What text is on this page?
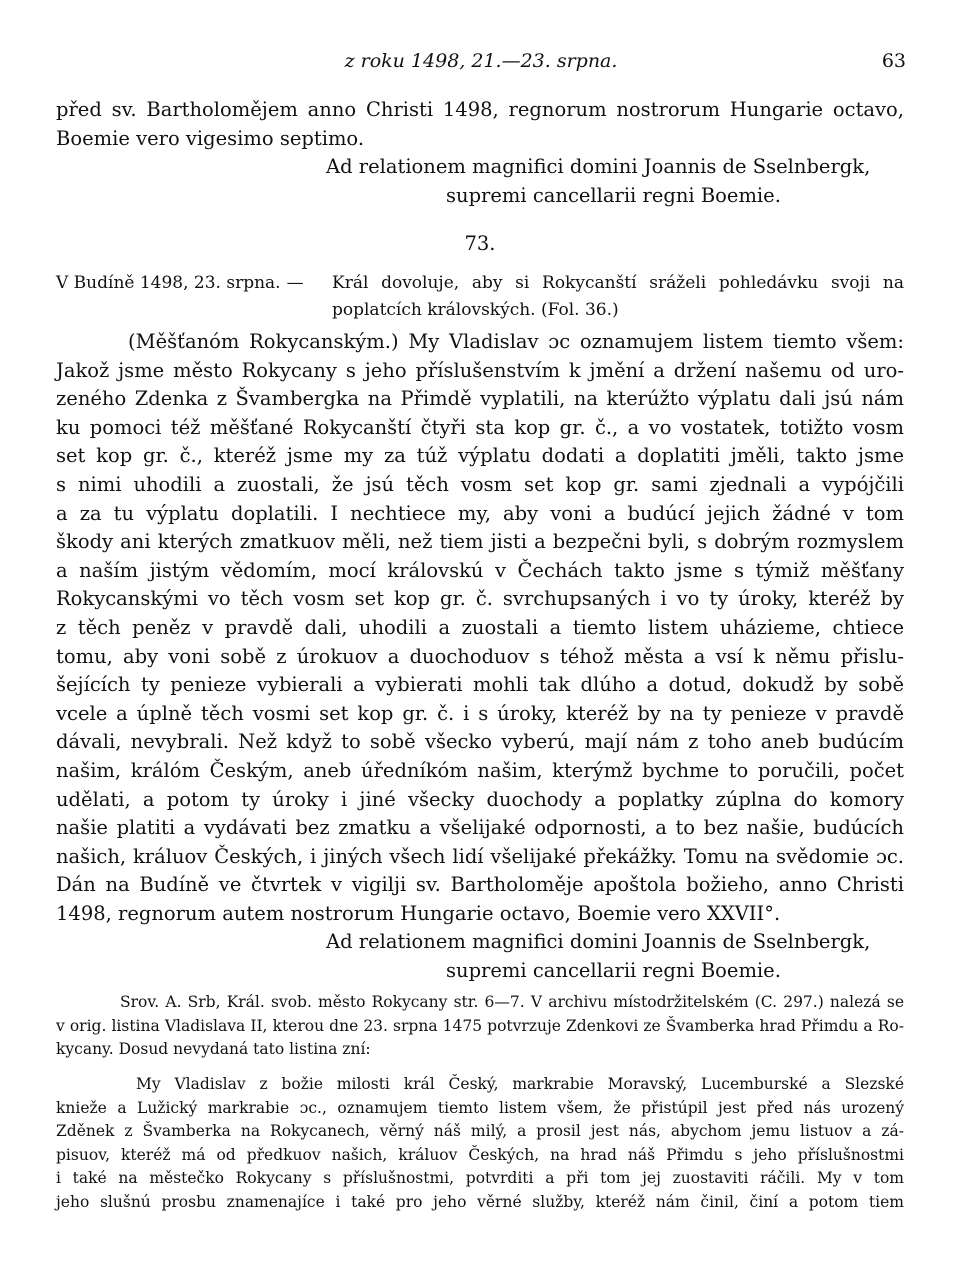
z roku 1498, 21.—23. srpna.	63
před sv. Bartholomějem anno Christi 1498, regnorum nostrorum Hungarie octavo,
Boemie vero vigesimo septimo.
Ad relationem magnifici domini Joannis de Sselnbergk,
supremi cancellarii regni Boemie.
73.
V Budíně 1498, 23. srpna. —	Král dovoluje, aby si Rokycanští sráželi pohledávku svoji na poplatcích královských. (Fol. 36.)
(Měšťanóm Rokycanským.) My Vladislav ɔc oznamujem listem tiemto všem:
Jakož jsme město Rokycany s jeho příslušenstvím k jmění a držení našemu od uro-
zeného Zdenka z Švambergka na Přimdě vyplatili, na kterúžto výplatu dali jsú nám
ku pomoci též měšťané Rokycanští čtyři sta kop gr. č., a vo vostatek, totižto vosm
set kop gr. č., kteréž jsme my za túž výplatu dodati a doplatiti jměli, takto jsme
s nimi uhodili a zuostali, že jsú těch vosm set kop gr. sami zjednali a vypójčili
a za tu výplatu doplatili. I nechtiece my, aby voni a budúcí jejich žádné v tom
škody ani kterých zmatkuov měli, než tiem jisti a bezpečni byli, s dobrým rozmyslem
a naším jistým vědomím, mocí královskú v Čechách takto jsme s týmiž měšťany
Rokycanskými vo těch vosm set kop gr. č. svrchupsaných i vo ty úroky, kteréž by
z těch peněz v pravdě dali, uhodili a zuostali a tiemto listem uházieme, chtiece
tomu, aby voni sobě z úrokuov a duochoduov s téhož města a vsí k němu přislu-
šejících ty penieze vybierali a vybierati mohli tak dlúho a dotud, dokudž by sobě
vcele a úplně těch vosmi set kop gr. č. i s úroky, kteréž by na ty penieze v pravdě
dávali, nevybrali. Než když to sobě všecko vyberú, mají nám z toho aneb budúcím
našim, králóm Českým, aneb úředníkóm našim, kterýmž bychme to poručili, počet
udělati, a potom ty úroky i jiné všecky duochody a poplatky zúplna do komory
našie platiti a vydávati bez zmatku a všelijaké odpornosti, a to bez našie, budúcích
našich, králuov Českých, i jiných všech lidí všelijaké překážky. Tomu na svědomie ɔc.
Dán na Budíně ve čtvrtek v vigilji sv. Bartholoměje apoštola božieho, anno Christi
1498, regnorum autem nostrorum Hungarie octavo, Boemie vero XXVII°.
Ad relationem magnifici domini Joannis de Sselnbergk,
supremi cancellarii regni Boemie.
Srov. A. Srb, Král. svob. město Rokycany str. 6—7. V archivu místodržitelském (C. 297.) nalezá se
v orig. listina Vladislava II, kterou dne 23. srpna 1475 potvrzuje Zdenkovi ze Švamberka hrad Přimdu a Ro-
kycany. Dosud nevydaná tato listina zní:
My Vladislav z božie milosti král Český, markrabie Moravský, Lucemburské a Slezské
knieže a Lužický markrabie ɔc., oznamujem tiemto listem všem, že přistúpil jest před nás urozený
Zděnek z Švamberka na Rokycanech, věrný náš milý, a prosil jest nás, abychom jemu listuov a zá-
pisuov, kteréž má od předkuov našich, králuov Českých, na hrad náš Přimdu s jeho příslušnostmi
i také na městečko Rokycany s příslušnostmi, potvrditi a při tom jej zuostaviti ráčili. My v tom
jeho slušnú prosbu znamenajíce i také pro jeho věrné služby, kteréž nám činil, činí a potom tiem
